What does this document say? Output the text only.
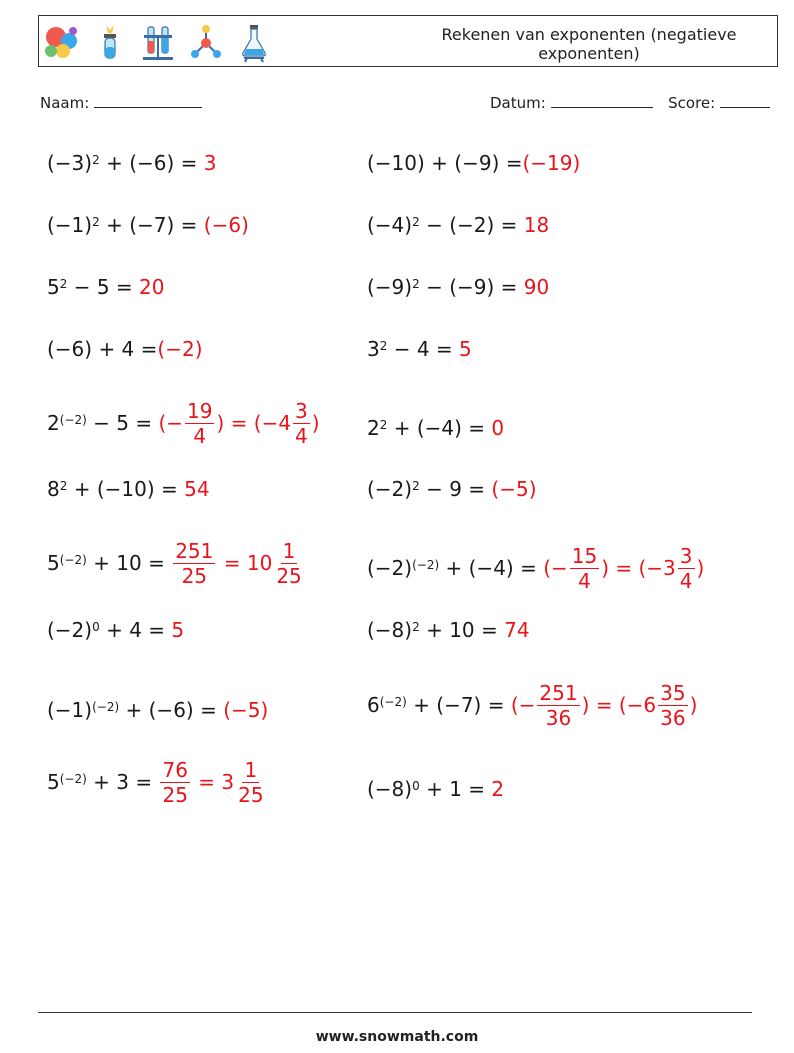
Rekenen van exponenten (negatieve exponenten)
Naam:	Datum:	Score:
$(-3)^2 + (-6) = 3$
$(-1)^2 + (-7) = (-6)$
$5^2 - 5 = 20$
(−6) + 4 = (−2)
$2^{(-2)} - 5$ = (− $\frac{19}{4}$ ) = ($-4 \frac{3}{4}$ )
$8^2 + (-10) = 54$
$5^{(-2)} + 10 = \frac{251}{25} = 10 \frac{1}{25}$
$(-2)^0 + 4 = 5$
$(-1)^{(-2)} + (-6) = (-5)$
$5^{(-2)} + 3 = \frac{76}{25} = 3 \frac{1}{25}$
(−10) + (−9) = (−19)
$(-4)^2 - (-2) = 18$
$(-9)^2 - (-9) = 90$
$3^2 - 4 = 5$
$2^2 + (-4) = 0$
$(-2)^2 - 9 = (-5)$
$(-2)^{(-2)} + (-4)$ = (− $\frac{15}{4}$ ) = ($-3 \frac{3}{4}$ )
$(-8)^2 + 10 = 74$
$6^{(-2)} + (-7)$ = (− $\frac{251}{36}$ ) = ($-6 \frac{35}{36}$ )
$(-8)^0 + 1 = 2$
www.snowmath.com
